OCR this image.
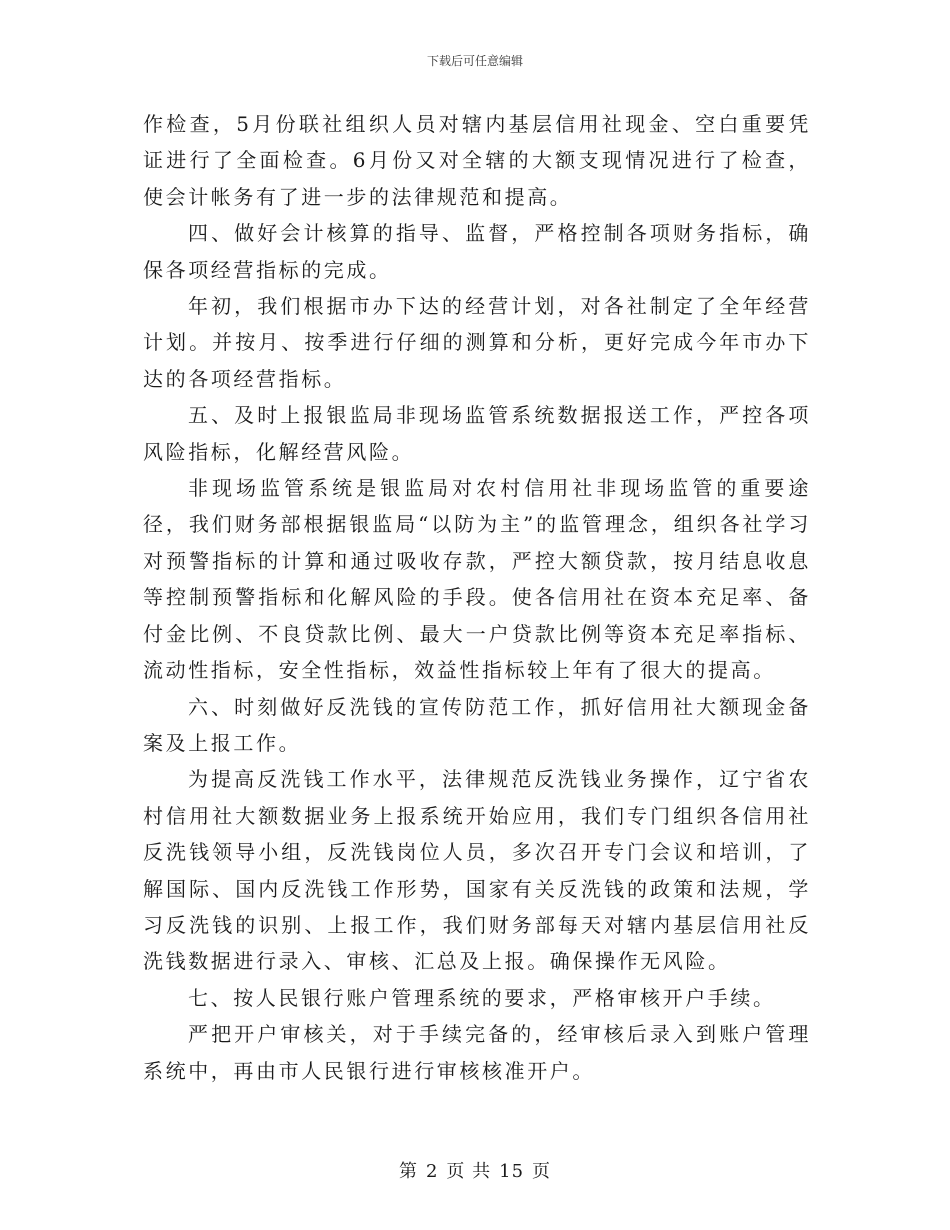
下载后可任意编辑

作检查，5月份联社组织人员对辖内基层信用社现金、空白重要凭证进行了全面检查。6月份又对全辖的大额支现情况进行了检查，使会计帐务有了进一步的法律规范和提高。

四、做好会计核算的指导、监督，严格控制各项财务指标，确保各项经营指标的完成。

年初，我们根据市办下达的经营计划，对各社制定了全年经营计划。并按月、按季进行仔细的测算和分析，更好完成今年市办下达的各项经营指标。

五、及时上报银监局非现场监管系统数据报送工作，严控各项风险指标，化解经营风险。

非现场监管系统是银监局对农村信用社非现场监管的重要途径，我们财务部根据银监局“以防为主”的监管理念，组织各社学习对预警指标的计算和通过吸收存款，严控大额贷款，按月结息收息等控制预警指标和化解风险的手段。使各信用社在资本充足率、备付金比例、不良贷款比例、最大一户贷款比例等资本充足率指标、流动性指标，安全性指标，效益性指标较上年有了很大的提高。

六、时刻做好反洗钱的宣传防范工作，抓好信用社大额现金备案及上报工作。

为提高反洗钱工作水平，法律规范反洗钱业务操作，辽宁省农村信用社大额数据业务上报系统开始应用，我们专门组织各信用社反洗钱领导小组，反洗钱岗位人员，多次召开专门会议和培训，了解国际、国内反洗钱工作形势，国家有关反洗钱的政策和法规，学习反洗钱的识别、上报工作，我们财务部每天对辖内基层信用社反洗钱数据进行录入、审核、汇总及上报。确保操作无风险。

七、按人民银行账户管理系统的要求，严格审核开户手续。

严把开户审核关，对于手续完备的，经审核后录入到账户管理系统中，再由市人民银行进行审核核准开户。

第 2 页 共 15 页
